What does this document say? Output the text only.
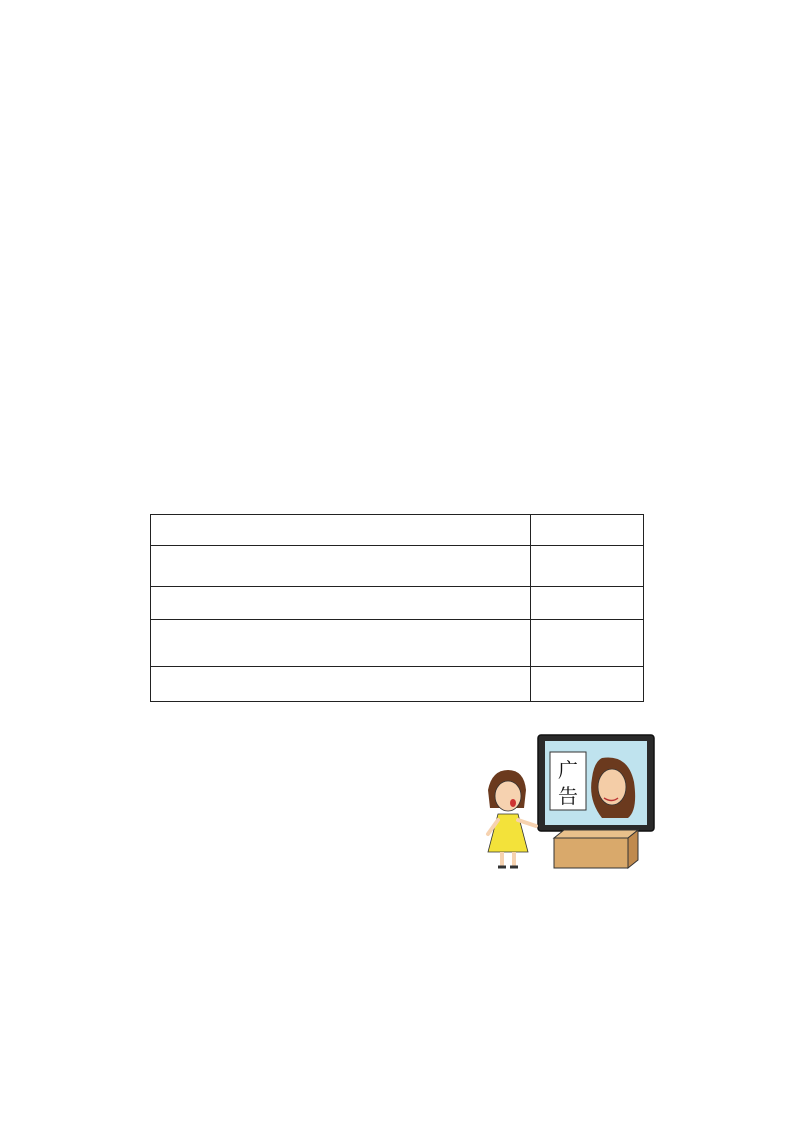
广
告
